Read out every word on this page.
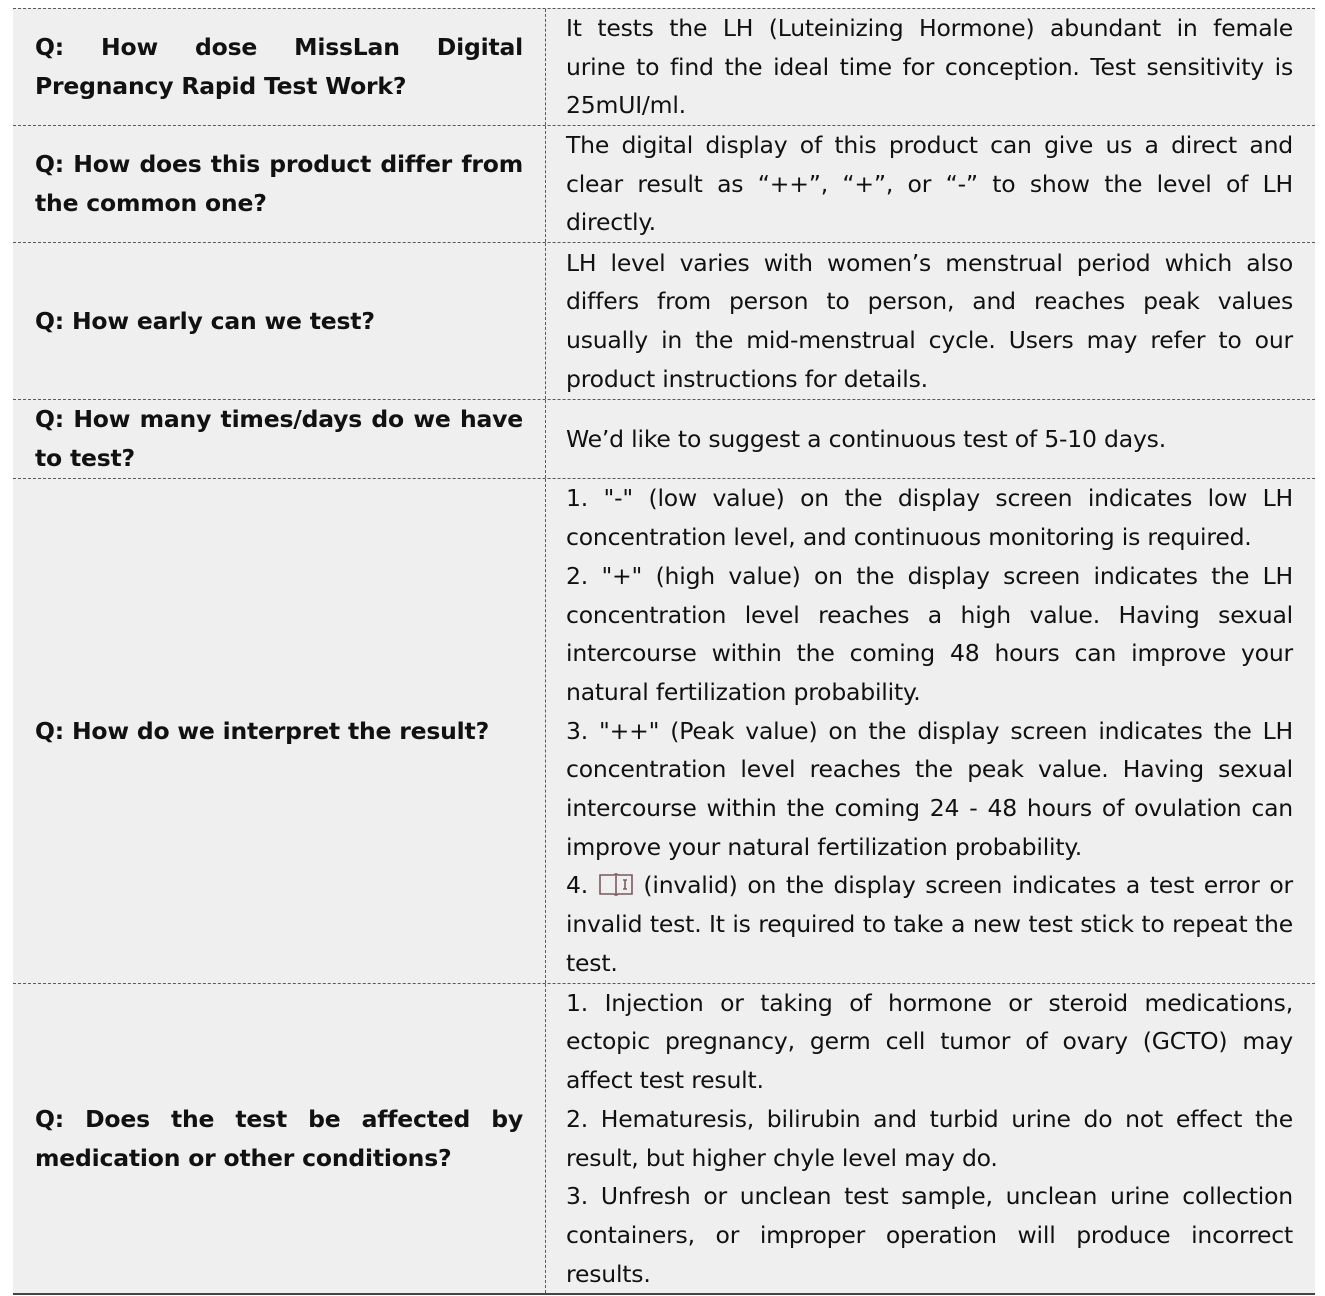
Q: How dose MissLan Digital Pregnancy Rapid Test Work?

It tests the LH (Luteinizing Hormone) abundant in female urine to find the ideal time for conception. Test sensitivity is 25mUI/ml.

Q: How does this product differ from the common one?

The digital display of this product can give us a direct and clear result as “++”, “+”, or “-” to show the level of LH directly.

Q: How early can we test?

LH level varies with women’s menstrual period which also differs from person to person, and reaches peak values usually in the mid-menstrual cycle. Users may refer to our product instructions for details.

Q: How many times/days do we have to test?

We’d like to suggest a continuous test of 5-10 days.

Q: How do we interpret the result?

1. "-" (low value) on the display screen indicates low LH concentration level, and continuous monitoring is required.

2. "+" (high value) on the display screen indicates the LH concentration level reaches a high value. Having sexual intercourse within the coming 48 hours can improve your natural fertilization probability.

3. "++" (Peak value) on the display screen indicates the LH concentration level reaches the peak value. Having sexual intercourse within the coming 24 - 48 hours of ovulation can improve your natural fertilization probability.

4. (invalid) on the display screen indicates a test error or invalid test. It is required to take a new test stick to repeat the test.

Q: Does the test be affected by medication or other conditions?

1. Injection or taking of hormone or steroid medications, ectopic pregnancy, germ cell tumor of ovary (GCTO) may affect test result.

2. Hematuresis, bilirubin and turbid urine do not effect the result, but higher chyle level may do.

3. Unfresh or unclean test sample, unclean urine collection containers, or improper operation will produce incorrect results.
